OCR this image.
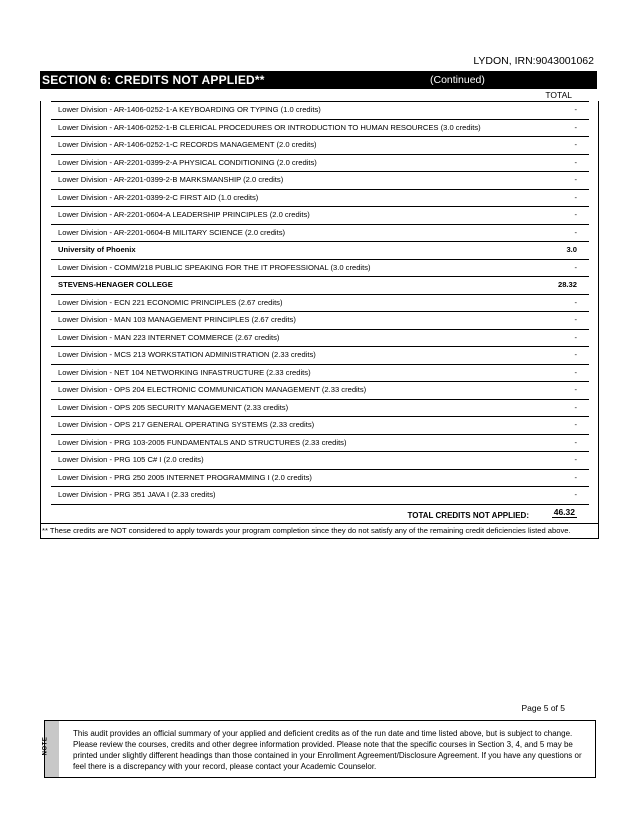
LYDON, IRN:9043001062
SECTION 6: CREDITS NOT APPLIED**	(Continued)
TOTAL
Lower Division - AR-1406-0252-1-A KEYBOARDING OR TYPING (1.0 credits)	-
Lower Division - AR-1406-0252-1-B CLERICAL PROCEDURES OR INTRODUCTION TO HUMAN RESOURCES (3.0 credits)	-
Lower Division - AR-1406-0252-1-C RECORDS MANAGEMENT (2.0 credits)	-
Lower Division - AR-2201-0399-2-A PHYSICAL CONDITIONING (2.0 credits)	-
Lower Division - AR-2201-0399-2-B MARKSMANSHIP (2.0 credits)	-
Lower Division - AR-2201-0399-2-C FIRST AID (1.0 credits)	-
Lower Division - AR-2201-0604-A LEADERSHIP PRINCIPLES (2.0 credits)	-
Lower Division - AR-2201-0604-B MILITARY SCIENCE (2.0 credits)	-
University of Phoenix	3.0
Lower Division - COMM/218 PUBLIC SPEAKING FOR THE IT PROFESSIONAL (3.0 credits)	-
STEVENS-HENAGER COLLEGE	28.32
Lower Division - ECN 221 ECONOMIC PRINCIPLES (2.67 credits)	-
Lower Division - MAN 103 MANAGEMENT PRINCIPLES (2.67 credits)	-
Lower Division - MAN 223 INTERNET COMMERCE (2.67 credits)	-
Lower Division - MCS 213 WORKSTATION ADMINISTRATION (2.33 credits)	-
Lower Division - NET 104 NETWORKING INFASTRUCTURE (2.33 credits)	-
Lower Division - OPS 204 ELECTRONIC COMMUNICATION MANAGEMENT (2.33 credits)	-
Lower Division - OPS 205 SECURITY MANAGEMENT (2.33 credits)	-
Lower Division - OPS 217 GENERAL OPERATING SYSTEMS (2.33 credits)	-
Lower Division - PRG 103-2005 FUNDAMENTALS AND STRUCTURES (2.33 credits)	-
Lower Division - PRG 105 C# I (2.0 credits)	-
Lower Division - PRG 250 2005 INTERNET PROGRAMMING I (2.0 credits)	-
Lower Division - PRG 351 JAVA I (2.33 credits)	-
TOTAL CREDITS NOT APPLIED:	46.32
** These credits are NOT considered to apply towards your program completion since they do not satisfy any of the remaining credit deficiencies listed above.
Page 5 of 5
NOTE
This audit provides an official summary of your applied and deficient credits as of the run date and time listed above, but is subject to change. Please review the courses, credits and other degree information provided. Please note that the specific courses in Section 3, 4, and 5 may be printed under slightly different headings than those contained in your Enrollment Agreement/Disclosure Agreement. If you have any questions or feel there is a discrepancy with your record, please contact your Academic Counselor.
